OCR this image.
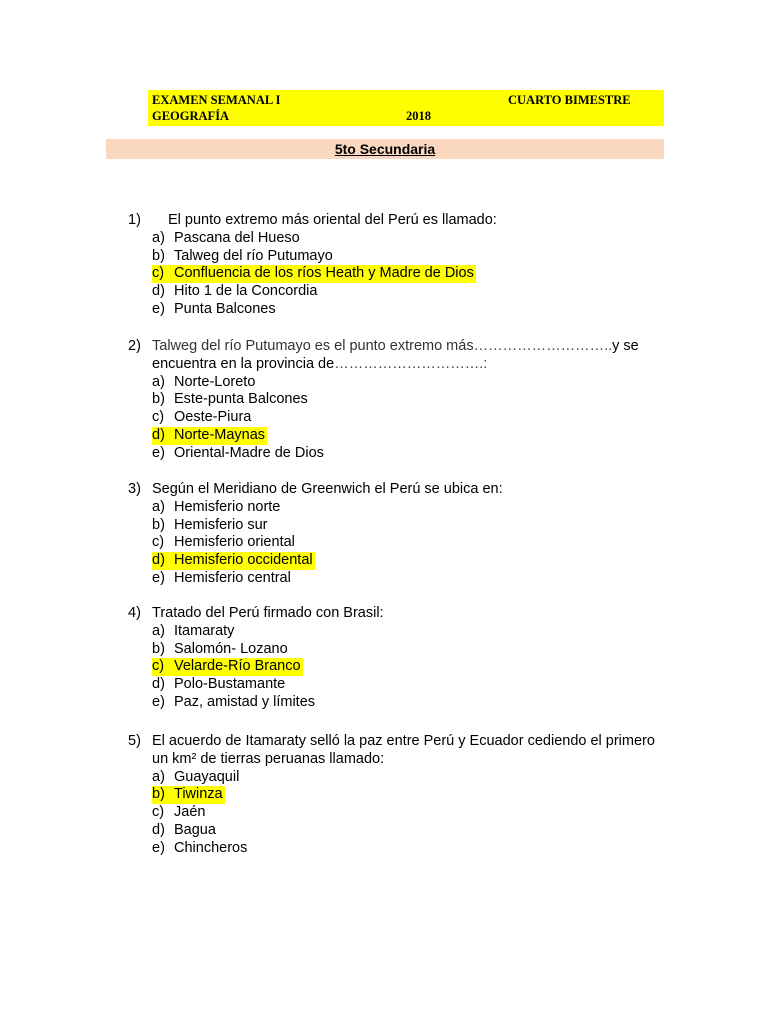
EXAMEN SEMANAL I	CUARTO BIMESTRE
GEOGRAFÍA	2018
5to Secundaria
1) El punto extremo más oriental del Perú es llamado:
a) Pascana del Hueso
b) Talweg del río Putumayo
c) Confluencia de los ríos Heath y Madre de Dios
d) Hito 1 de la Concordia
e) Punta Balcones
2) Talweg del río Putumayo es el punto extremo más………………………..y se encuentra en la provincia de………………………….:
a) Norte-Loreto
b) Este-punta Balcones
c) Oeste-Piura
d) Norte-Maynas
e) Oriental-Madre de Dios
3) Según el Meridiano de Greenwich el Perú se ubica en:
a) Hemisferio norte
b) Hemisferio sur
c) Hemisferio oriental
d) Hemisferio occidental
e) Hemisferio central
4) Tratado del Perú firmado con Brasil:
a) Itamaraty
b) Salomón- Lozano
c) Velarde-Río Branco
d) Polo-Bustamante
e) Paz, amistad y límites
5) El acuerdo de Itamaraty selló la paz entre Perú y Ecuador cediendo el primero un km² de tierras peruanas llamado:
a) Guayaquil
b) Tiwinza
c) Jaén
d) Bagua
e) Chincheros
